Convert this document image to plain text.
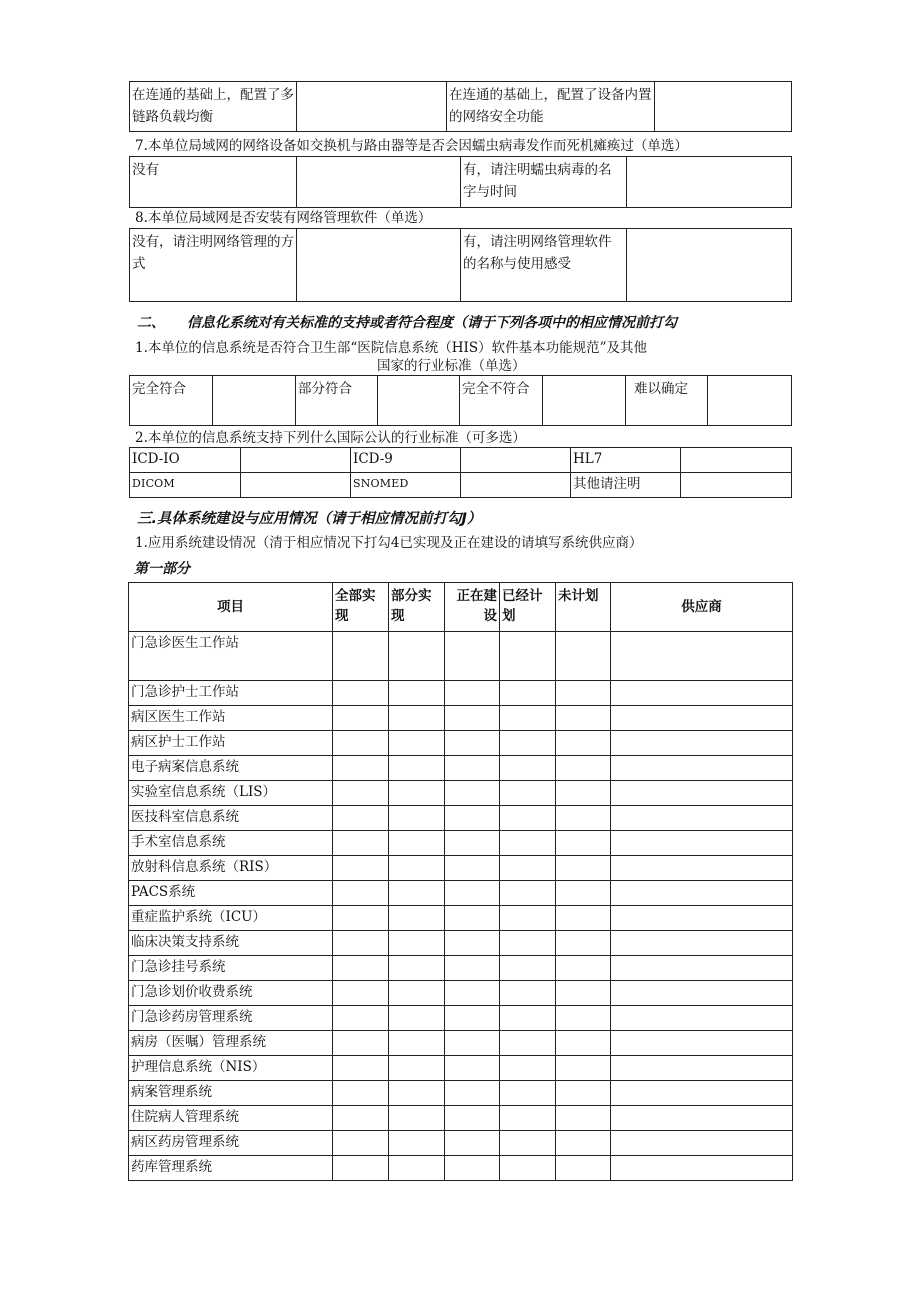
在连通的基础上，配置了多链路负载均衡		在连通的基础上，配置了设备内置的网络安全功能	
7.本单位局域网的网络设备如交换机与路由器等是否会因蠕虫病毒发作而死机瘫痪过（单选）
没有		有，请注明蠕虫病毒的名字与时间	
8.本单位局域网是否安装有网络管理软件（单选）
没有，请注明网络管理的方式		有，请注明网络管理软件的名称与使用感受	
二、 信息化系统对有关标准的支持或者符合程度（请于下列各项中的相应情况前打勾
1.本单位的信息系统是否符合卫生部“医院信息系统（HIS）软件基本功能规范”及其他
国家的行业标准（单选）
完全符合		部分符合		完全不符合		难以确定	
2.本单位的信息系统支持下列什么国际公认的行业标准（可多选）
ICD-IO		ICD-9		HL7	
DICOM		SNOMED		其他请注明	
三.具体系统建设与应用情况（请于相应情况前打勾J）
1.应用系统建设情况（清于相应情况下打勾4已实现及正在建设的请填写系统供应商）
第一部分
项目	全部实现	部分实现	正在建设	已经计划	未计划	供应商
门急诊医生工作站						
门急诊护士工作站						
病区医生工作站						
病区护士工作站						
电子病案信息系统						
实验室信息系统（LIS）						
医技科室信息系统						
手术室信息系统						
放射科信息系统（RIS）						
PACS系统						
重症监护系统（ICU）						
临床决策支持系统						
门急诊挂号系统						
门急诊划价收费系统						
门急诊药房管理系统						
病房（医嘱）管理系统						
护理信息系统（NIS）						
病案管理系统						
住院病人管理系统						
病区药房管理系统						
药库管理系统						
